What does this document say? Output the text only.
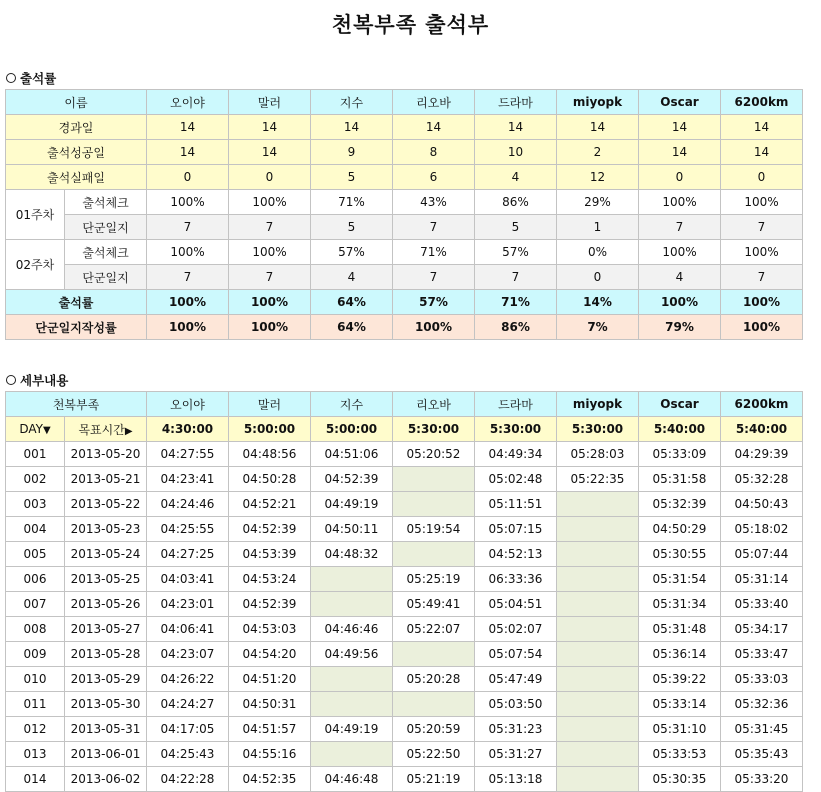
천복부족 출석부
출석률
이름		오이야	말러	지수	리오바	드라마	miyopk	Oscar	6200km
경과일		14	14	14	14	14	14	14	14
출석성공일		14	14	9	8	10	2	14	14
출석실패일		0	0	5	6	4	12	0	0
01주차	출석체크	100%	100%	71%	43%	86%	29%	100%	100%
	단군일지	7	7	5	7	5	1	7	7
02주차	출석체크	100%	100%	57%	71%	57%	0%	100%	100%
	단군일지	7	7	4	7	7	0	4	7
출석률		100%	100%	64%	57%	71%	14%	100%	100%
단군일지작성률		100%	100%	64%	100%	86%	7%	79%	100%
세부내용
천복부족		오이야	말러	지수	리오바	드라마	miyopk	Oscar	6200km
DAY▼	목표시간▶	4:30:00	5:00:00	5:00:00	5:30:00	5:30:00	5:30:00	5:40:00	5:40:00
001	2013-05-20	04:27:55	04:48:56	04:51:06	05:20:52	04:49:34	05:28:03	05:33:09	04:29:39
002	2013-05-21	04:23:41	04:50:28	04:52:39		05:02:48	05:22:35	05:31:58	05:32:28
003	2013-05-22	04:24:46	04:52:21	04:49:19		05:11:51		05:32:39	04:50:43
004	2013-05-23	04:25:55	04:52:39	04:50:11	05:19:54	05:07:15		04:50:29	05:18:02
005	2013-05-24	04:27:25	04:53:39	04:48:32		04:52:13		05:30:55	05:07:44
006	2013-05-25	04:03:41	04:53:24		05:25:19	06:33:36		05:31:54	05:31:14
007	2013-05-26	04:23:01	04:52:39		05:49:41	05:04:51		05:31:34	05:33:40
008	2013-05-27	04:06:41	04:53:03	04:46:46	05:22:07	05:02:07		05:31:48	05:34:17
009	2013-05-28	04:23:07	04:54:20	04:49:56		05:07:54		05:36:14	05:33:47
010	2013-05-29	04:26:22	04:51:20		05:20:28	05:47:49		05:39:22	05:33:03
011	2013-05-30	04:24:27	04:50:31			05:03:50		05:33:14	05:32:36
012	2013-05-31	04:17:05	04:51:57	04:49:19	05:20:59	05:31:23		05:31:10	05:31:45
013	2013-06-01	04:25:43	04:55:16		05:22:50	05:31:27		05:33:53	05:35:43
014	2013-06-02	04:22:28	04:52:35	04:46:48	05:21:19	05:13:18		05:30:35	05:33:20
